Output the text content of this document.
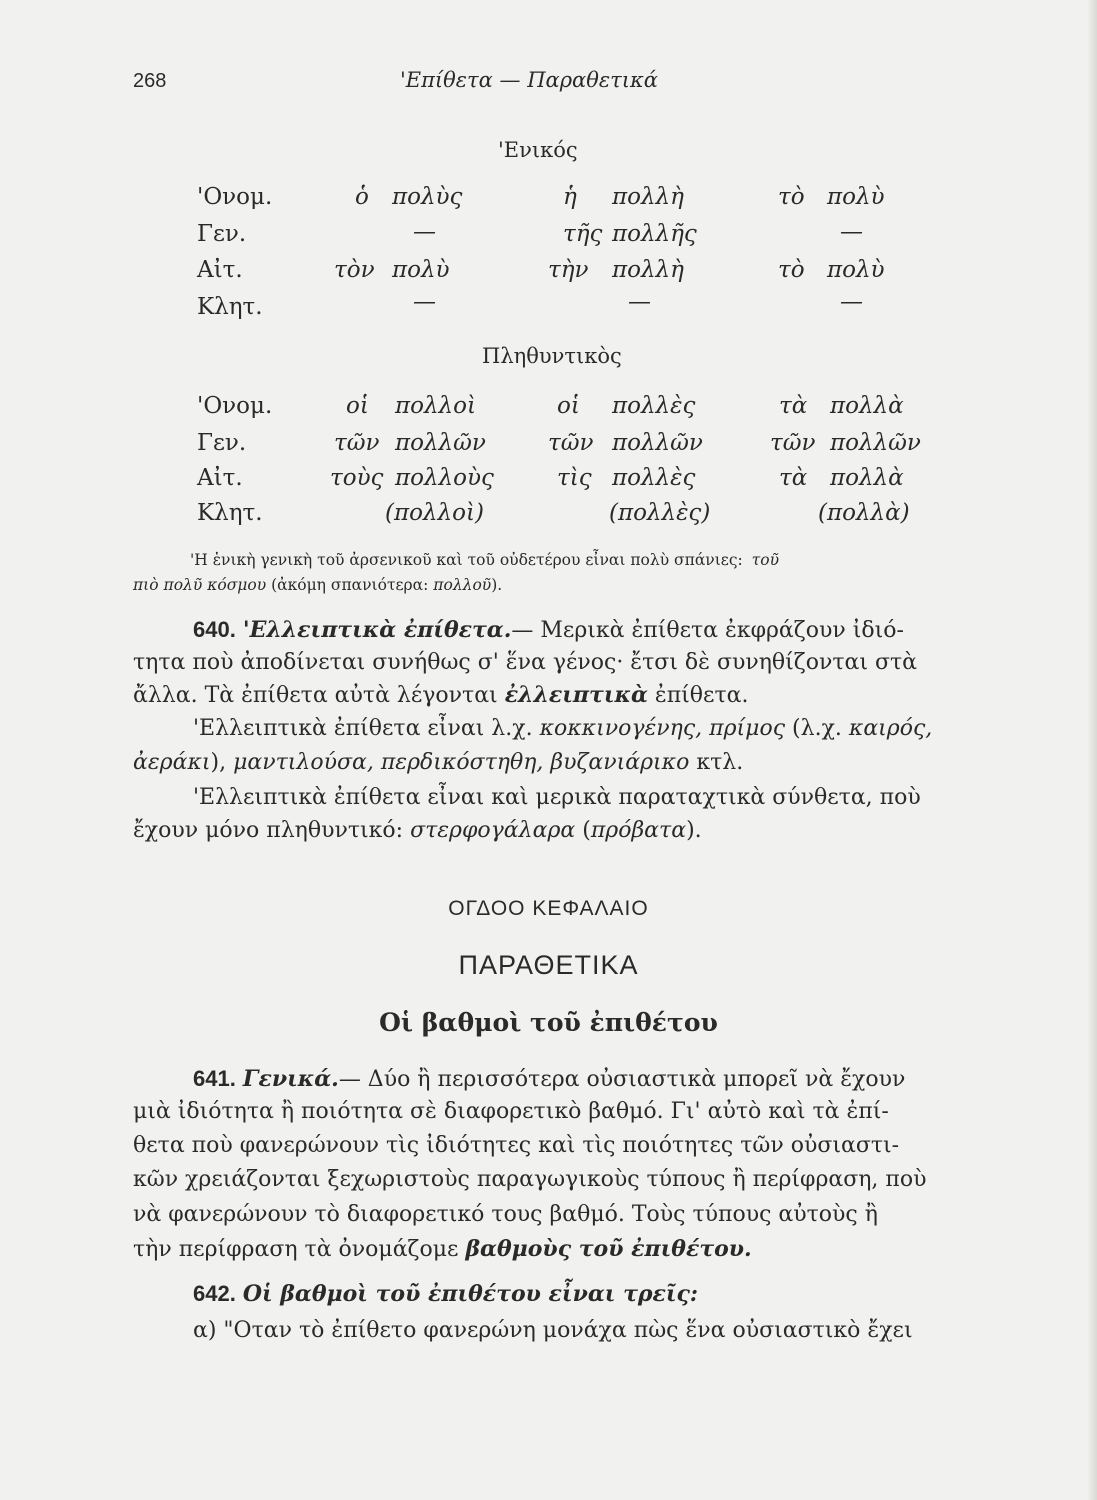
268	'Επίθετα — Παραθετικά
'Ενικός
'Ονομ.	ὁ πολὺς	ἡ πολλὴ	τὸ πολὺ
Γεν.	—	τῆς πολλῆς	—
Αἰτ.	τὸν πολὺ	τὴν πολλὴ	τὸ πολὺ
Κλητ.	—	—	—
Πληθυντικὸς
'Ονομ.	οἱ πολλοὶ	οἱ πολλὲς	τὰ πολλὰ
Γεν.	τῶν πολλῶν	τῶν πολλῶν	τῶν πολλῶν
Αἰτ.	τοὺς πολλοὺς	τὶς πολλὲς	τὰ πολλὰ
Κλητ.	(πολλοὶ)	(πολλὲς)	(πολλὰ)
'Η ἑνικὴ γενικὴ τοῦ ἀρσενικοῦ καὶ τοῦ οὐδετέρου εἶναι πολὺ σπάνιες: τοῦ
πιὸ πολῦ κόσμου (ἀκόμη σπανιότερα: πολλοῦ).
640. 'Ελλειπτικὰ ἐπίθετα.— Μερικὰ ἐπίθετα ἐκφράζουν ἰδιό-
τητα ποὺ ἀποδίνεται συνήθως σ' ἕνα γένος· ἔτσι δὲ συνηθίζονται στὰ
ἄλλα. Τὰ ἐπίθετα αὐτὰ λέγονται ἐλλειπτικὰ ἐπίθετα.
'Ελλειπτικὰ ἐπίθετα εἶναι λ.χ. κοκκινογένης, πρίμος (λ.χ. καιρός,
ἀεράκι), μαντιλούσα, περδικόστηθη, βυζανιάρικο κτλ.
'Ελλειπτικὰ ἐπίθετα εἶναι καὶ μερικὰ παραταχτικὰ σύνθετα, ποὺ
ἔχουν μόνο πληθυντικό: στερφογάλαρα (πρόβατα).
ΟΓΔΟΟ ΚΕΦΑΛΑΙΟ
ΠΑΡΑΘΕΤΙΚΑ
Οἱ βαθμοὶ τοῦ ἐπιθέτου
641. Γενικά.— Δύο ἢ περισσότερα οὐσιαστικὰ μπορεῖ νὰ ἔχουν
μιὰ ἰδιότητα ἢ ποιότητα σὲ διαφορετικὸ βαθμό. Γι' αὐτὸ καὶ τὰ ἐπί-
θετα ποὺ φανερώνουν τὶς ἰδιότητες καὶ τὶς ποιότητες τῶν οὐσιαστι-
κῶν χρειάζονται ξεχωριστοὺς παραγωγικοὺς τύπους ἢ περίφραση, ποὺ
νὰ φανερώνουν τὸ διαφορετικό τους βαθμό. Τοὺς τύπους αὐτοὺς ἢ
τὴν περίφραση τὰ ὀνομάζομε βαθμοὺς τοῦ ἐπιθέτου.
642. Οἱ βαθμοὶ τοῦ ἐπιθέτου εἶναι τρεῖς:
α) "Οταν τὸ ἐπίθετο φανερώνη μονάχα πὼς ἕνα οὐσιαστικὸ ἔχει
